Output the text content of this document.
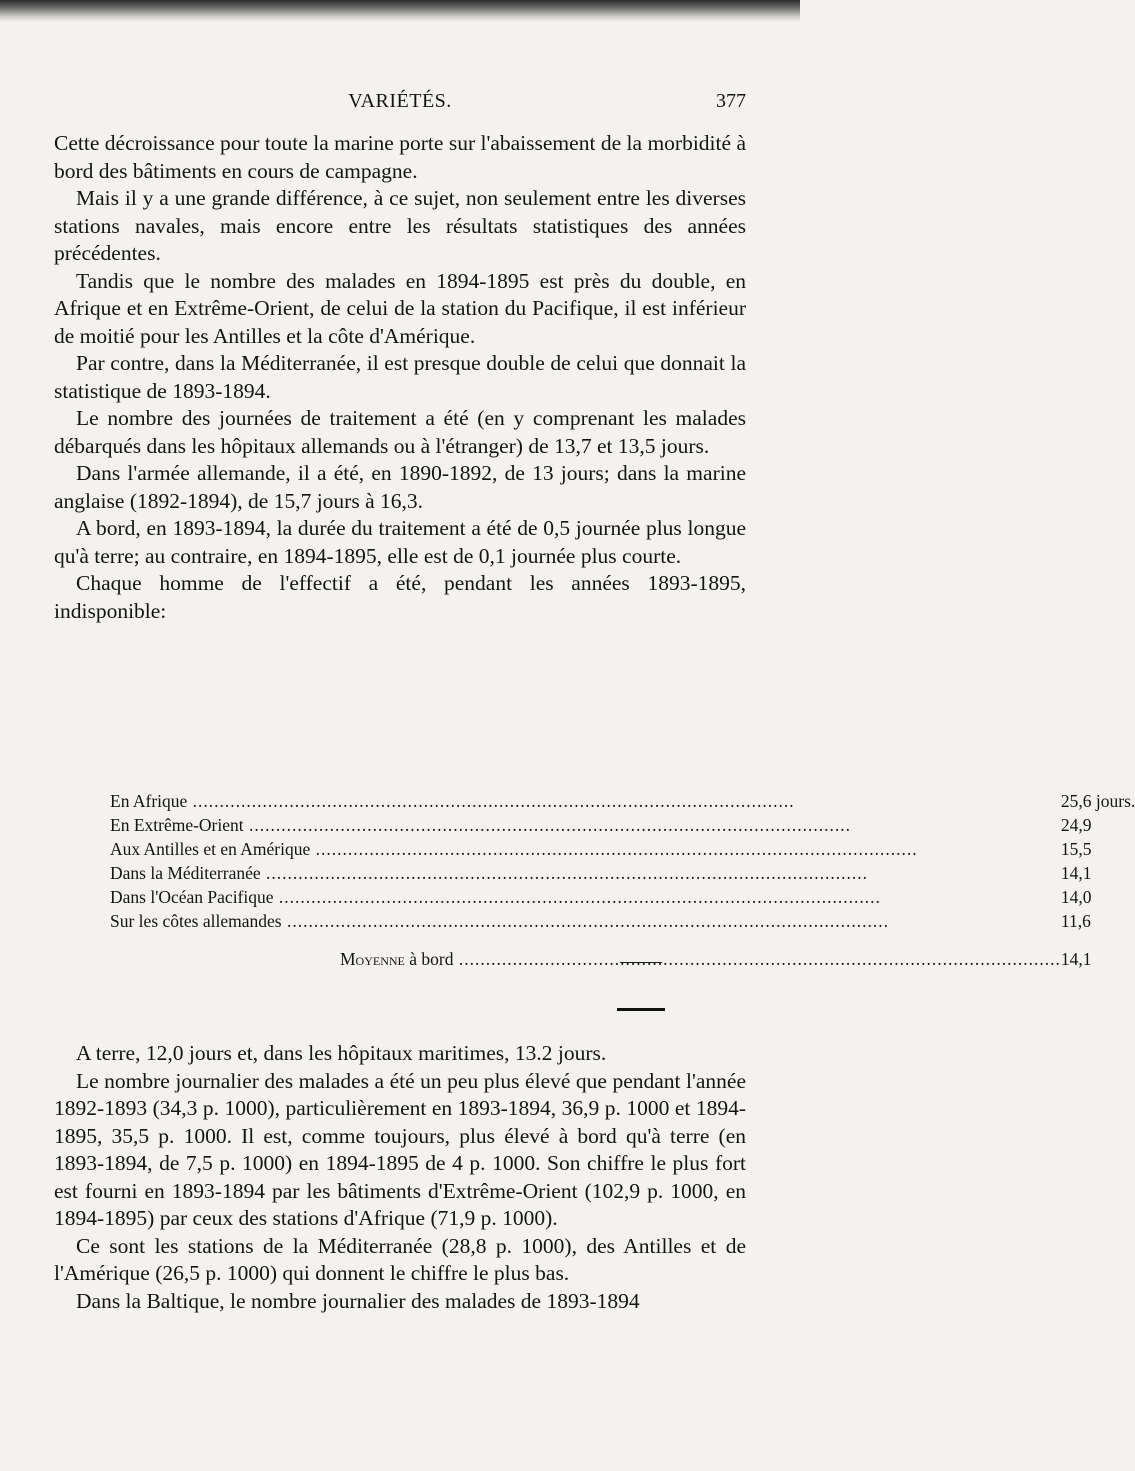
VARIÉTÉS.	377

Cette décroissance pour toute la marine porte sur l'abaissement de la morbidité à bord des bâtiments en cours de campagne.

Mais il y a une grande différence, à ce sujet, non seulement entre les diverses stations navales, mais encore entre les résultats statistiques des années précédentes.

Tandis que le nombre des malades en 1894-1895 est près du double, en Afrique et en Extrême-Orient, de celui de la station du Pacifique, il est inférieur de moitié pour les Antilles et la côte d'Amérique.

Par contre, dans la Méditerranée, il est presque double de celui que donnait la statistique de 1893-1894.

Le nombre des journées de traitement a été (en y comprenant les malades débarqués dans les hôpitaux allemands ou à l'étranger) de 13,7 et 13,5 jours.

Dans l'armée allemande, il a été, en 1890-1892, de 13 jours; dans la marine anglaise (1892-1894), de 15,7 jours à 16,3.

A bord, en 1893-1894, la durée du traitement a été de 0,5 journée plus longue qu'à terre; au contraire, en 1894-1895, elle est de 0,1 journée plus courte.

Chaque homme de l'effectif a été, pendant les années 1893-1895, indisponible:

En Afrique .....	25,6 jours.
En Extrême-Orient .....	24,9
Aux Antilles et en Amérique .....	15,5
Dans la Méditerranée .....	14,1
Dans l'Océan Pacifique .....	14,0
Sur les côtes allemandes .....	11,6
Moyenne à bord .....	14,1

A terre, 12,0 jours et, dans les hôpitaux maritimes, 13.2 jours.

Le nombre journalier des malades a été un peu plus élevé que pendant l'année 1892-1893 (34,3 p. 1000), particulièrement en 1893-1894, 36,9 p. 1000 et 1894-1895, 35,5 p. 1000. Il est, comme toujours, plus élevé à bord qu'à terre (en 1893-1894, de 7,5 p. 1000) en 1894-1895 de 4 p. 1000. Son chiffre le plus fort est fourni en 1893-1894 par les bâtiments d'Extrême-Orient (102,9 p. 1000, en 1894-1895) par ceux des stations d'Afrique (71,9 p. 1000).

Ce sont les stations de la Méditerranée (28,8 p. 1000), des Antilles et de l'Amérique (26,5 p. 1000) qui donnent le chiffre le plus bas.

Dans la Baltique, le nombre journalier des malades de 1893-1894
